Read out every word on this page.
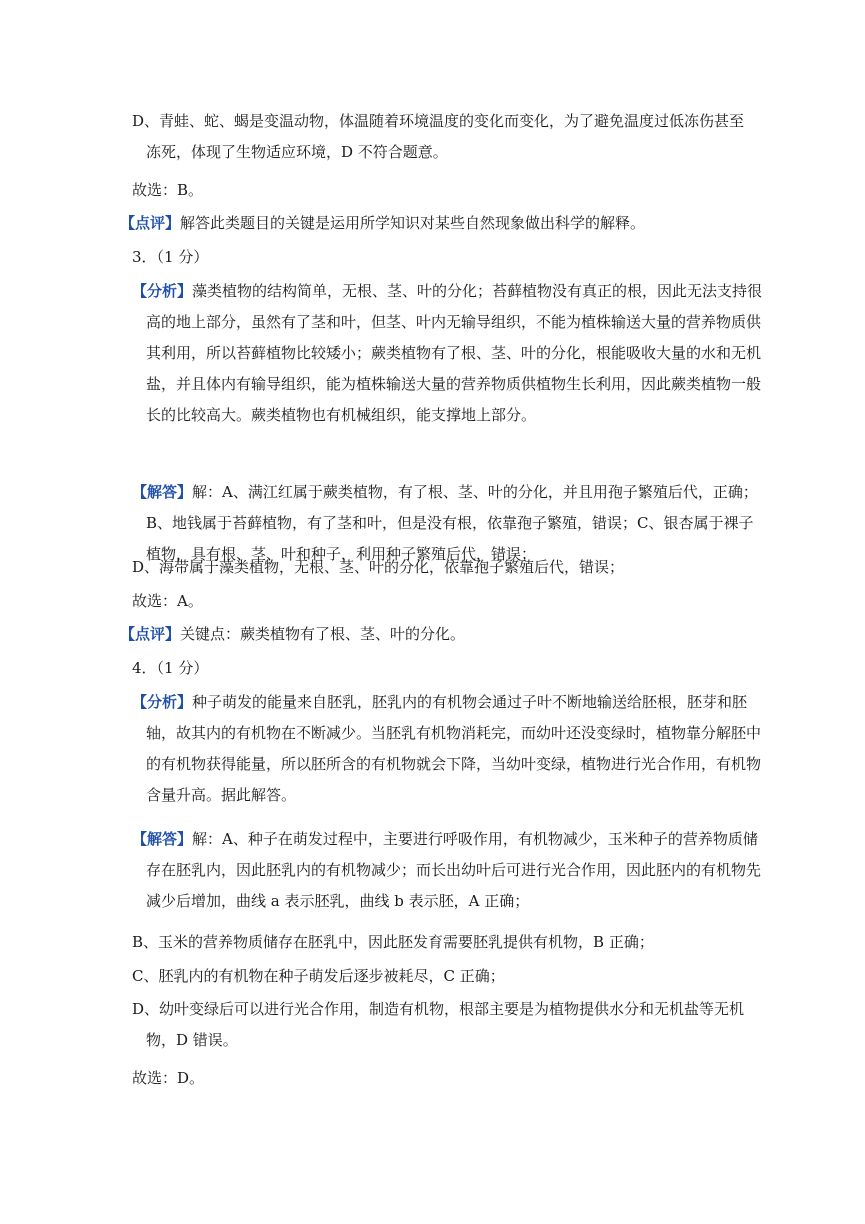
D、青蛙、蛇、蝎是变温动物，体温随着环境温度的变化而变化，为了避免温度过低冻伤甚至冻死，体现了生物适应环境，D 不符合题意。

故选：B。

【点评】解答此类题目的关键是运用所学知识对某些自然现象做出科学的解释。

3．（1 分）

【分析】藻类植物的结构简单，无根、茎、叶的分化；苔藓植物没有真正的根，因此无法支持很高的地上部分，虽然有了茎和叶，但茎、叶内无输导组织，不能为植株输送大量的营养物质供其利用，所以苔藓植物比较矮小；蕨类植物有了根、茎、叶的分化，根能吸收大量的水和无机盐，并且体内有输导组织，能为植株输送大量的营养物质供植物生长利用，因此蕨类植物一般长的比较高大。蕨类植物也有机械组织，能支撑地上部分。

【解答】解：A、满江红属于蕨类植物，有了根、茎、叶的分化，并且用孢子繁殖后代，正确；B、地钱属于苔藓植物，有了茎和叶，但是没有根，依靠孢子繁殖，错误；C、银杏属于裸子植物，具有根、茎、叶和种子，利用种子繁殖后代，错误；

D、海带属于藻类植物，无根、茎、叶的分化，依靠孢子繁殖后代，错误；

故选：A。

【点评】关键点：蕨类植物有了根、茎、叶的分化。

4．（1 分）

【分析】种子萌发的能量来自胚乳，胚乳内的有机物会通过子叶不断地输送给胚根，胚芽和胚轴，故其内的有机物在不断减少。当胚乳有机物消耗完，而幼叶还没变绿时，植物靠分解胚中的有机物获得能量，所以胚所含的有机物就会下降，当幼叶变绿，植物进行光合作用，有机物含量升高。据此解答。

【解答】解：A、种子在萌发过程中，主要进行呼吸作用，有机物减少，玉米种子的营养物质储存在胚乳内，因此胚乳内的有机物减少；而长出幼叶后可进行光合作用，因此胚内的有机物先减少后增加，曲线 a 表示胚乳，曲线 b 表示胚，A 正确；

B、玉米的营养物质储存在胚乳中，因此胚发育需要胚乳提供有机物，B 正确；

C、胚乳内的有机物在种子萌发后逐步被耗尽，C 正确；

D、幼叶变绿后可以进行光合作用，制造有机物，根部主要是为植物提供水分和无机盐等无机物，D 错误。

故选：D。
